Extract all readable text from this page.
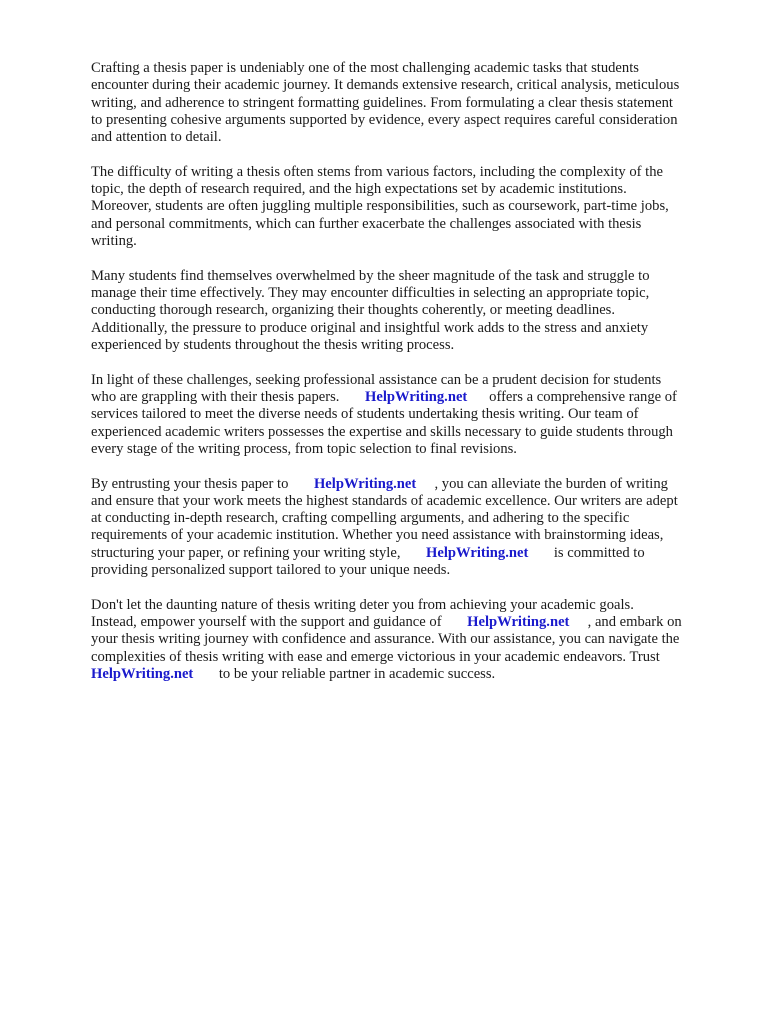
Crafting a thesis paper is undeniably one of the most challenging academic tasks that students
encounter during their academic journey. It demands extensive research, critical analysis, meticulous
writing, and adherence to stringent formatting guidelines. From formulating a clear thesis statement
to presenting cohesive arguments supported by evidence, every aspect requires careful consideration
and attention to detail.

The difficulty of writing a thesis often stems from various factors, including the complexity of the
topic, the depth of research required, and the high expectations set by academic institutions.
Moreover, students are often juggling multiple responsibilities, such as coursework, part-time jobs,
and personal commitments, which can further exacerbate the challenges associated with thesis
writing.

Many students find themselves overwhelmed by the sheer magnitude of the task and struggle to
manage their time effectively. They may encounter difficulties in selecting an appropriate topic,
conducting thorough research, organizing their thoughts coherently, or meeting deadlines.
Additionally, the pressure to produce original and insightful work adds to the stress and anxiety
experienced by students throughout the thesis writing process.

In light of these challenges, seeking professional assistance can be a prudent decision for students
who are grappling with their thesis papers. HelpWriting.net offers a comprehensive range of
services tailored to meet the diverse needs of students undertaking thesis writing. Our team of
experienced academic writers possesses the expertise and skills necessary to guide students through
every stage of the writing process, from topic selection to final revisions.

By entrusting your thesis paper to HelpWriting.net , you can alleviate the burden of writing
and ensure that your work meets the highest standards of academic excellence. Our writers are adept
at conducting in-depth research, crafting compelling arguments, and adhering to the specific
requirements of your academic institution. Whether you need assistance with brainstorming ideas,
structuring your paper, or refining your writing style, HelpWriting.net is committed to
providing personalized support tailored to your unique needs.

Don't let the daunting nature of thesis writing deter you from achieving your academic goals.
Instead, empower yourself with the support and guidance of HelpWriting.net , and embark on
your thesis writing journey with confidence and assurance. With our assistance, you can navigate the
complexities of thesis writing with ease and emerge victorious in your academic endeavors. Trust
HelpWriting.net to be your reliable partner in academic success.
